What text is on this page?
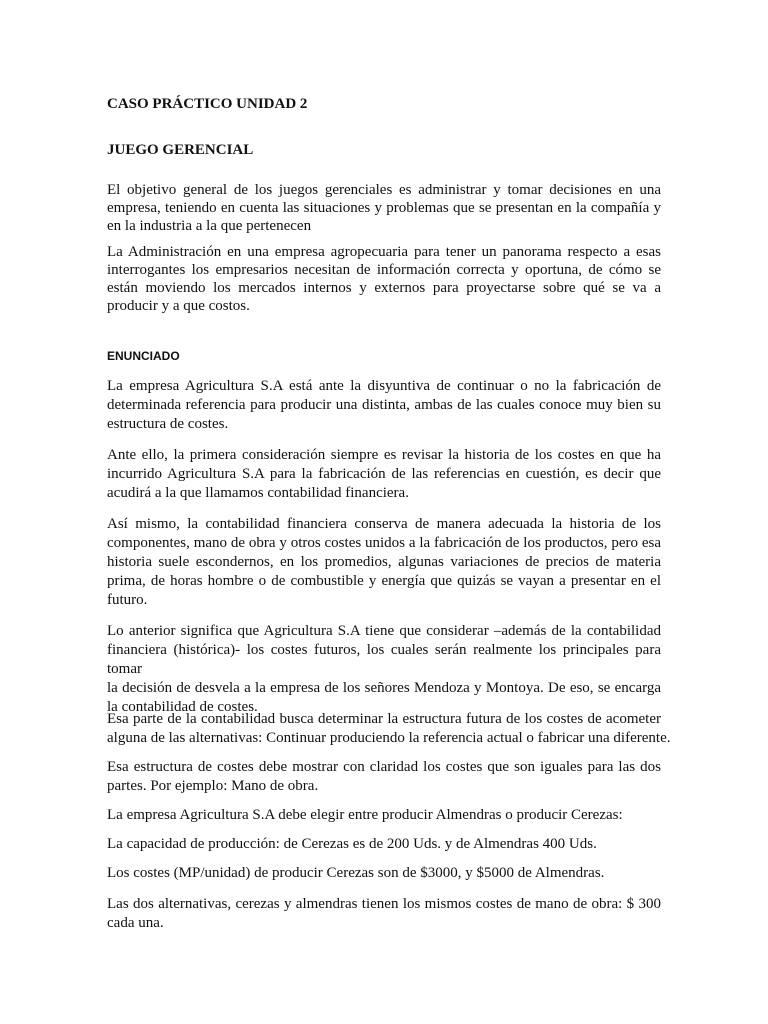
CASO PRÁCTICO UNIDAD 2
JUEGO GERENCIAL
El objetivo general de los juegos gerenciales es administrar y tomar decisiones en una
empresa, teniendo en cuenta las situaciones y problemas que se presentan en la compañía y
en la industria a la que pertenecen
La Administración en una empresa agropecuaria para tener un panorama respecto a esas
interrogantes los empresarios necesitan de información correcta y oportuna, de cómo se
están moviendo los mercados internos y externos para proyectarse sobre qué se va a
producir y a que costos.
ENUNCIADO
La empresa Agricultura S.A está ante la disyuntiva de continuar o no la fabricación de
determinada referencia para producir una distinta, ambas de las cuales conoce muy bien su
estructura de costes.
Ante ello, la primera consideración siempre es revisar la historia de los costes en que ha
incurrido Agricultura S.A para la fabricación de las referencias en cuestión, es decir que
acudirá a la que llamamos contabilidad financiera.
Así mismo, la contabilidad financiera conserva de manera adecuada la historia de los
componentes, mano de obra y otros costes unidos a la fabricación de los productos, pero esa
historia suele escondernos, en los promedios, algunas variaciones de precios de materia
prima, de horas hombre o de combustible y energía que quizás se vayan a presentar en el
futuro.
Lo anterior significa que Agricultura S.A tiene que considerar –además de la contabilidad
financiera (histórica)- los costes futuros, los cuales serán realmente los principales para tomar
la decisión de desvela a la empresa de los señores Mendoza y Montoya. De eso, se encarga
la contabilidad de costes.
Esa parte de la contabilidad busca determinar la estructura futura de los costes de acometer
alguna de las alternativas: Continuar produciendo la referencia actual o fabricar una diferente.
Esa estructura de costes debe mostrar con claridad los costes que son iguales para las dos
partes. Por ejemplo: Mano de obra.
La empresa Agricultura S.A debe elegir entre producir Almendras o producir Cerezas:
La capacidad de producción: de Cerezas es de 200 Uds. y de Almendras 400 Uds.
Los costes (MP/unidad) de producir Cerezas son de $3000, y $5000 de Almendras.
Las dos alternativas, cerezas y almendras tienen los mismos costes de mano de obra: $ 300
cada una.
